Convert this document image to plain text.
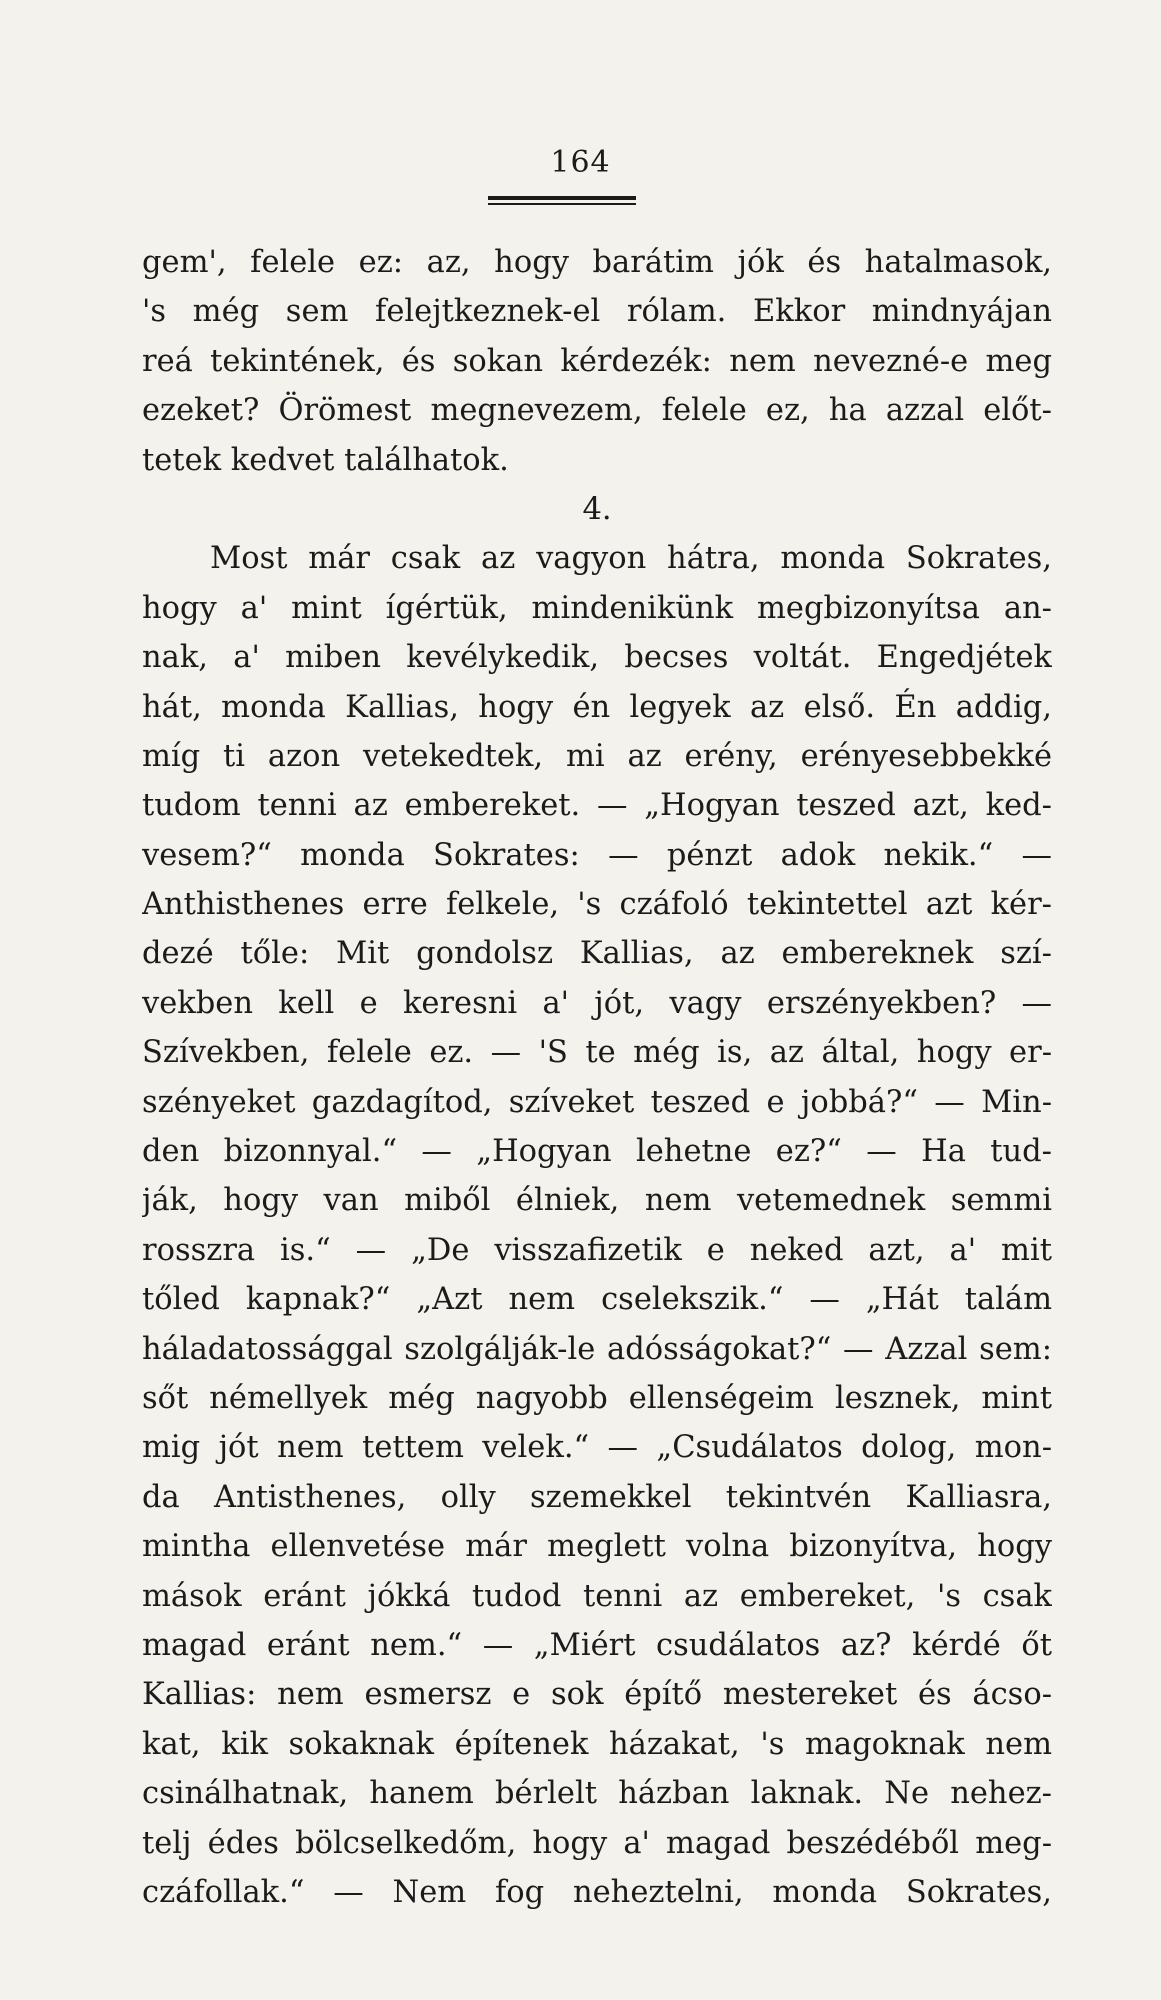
164
gem', felele ez: az, hogy barátim jók és hatalmasok,
's még sem felejtkeznek-el rólam. Ekkor mindnyájan
reá tekintének, és sokan kérdezék: nem nevezné-e meg
ezeket? Örömest megnevezem, felele ez, ha azzal előt-
tetek kedvet találhatok.
4.
Most már csak az vagyon hátra, monda Sokrates,
hogy a' mint ígértük, mindenikünk megbizonyítsa an-
nak, a' miben kevélykedik, becses voltát. Engedjétek
hát, monda Kallias, hogy én legyek az első. Én addig,
míg ti azon vetekedtek, mi az erény, erényesebbekké
tudom tenni az embereket. — „Hogyan teszed azt, ked-
vesem?“ monda Sokrates: — pénzt adok nekik.“ —
Anthisthenes erre felkele, 's czáfoló tekintettel azt kér-
dezé tőle: Mit gondolsz Kallias, az embereknek szí-
vekben kell e keresni a' jót, vagy erszényekben? —
Szívekben, felele ez. — 'S te még is, az által, hogy er-
szényeket gazdagítod, szíveket teszed e jobbá?“ — Min-
den bizonnyal.“ — „Hogyan lehetne ez?“ — Ha tud-
ják, hogy van miből élniek, nem vetemednek semmi
rosszra is.“ — „De visszafizetik e neked azt, a' mit
tőled kapnak?“ „Azt nem cselekszik.“ — „Hát talám
háladatossággal szolgálják-le adósságokat?“ — Azzal sem:
sőt némellyek még nagyobb ellenségeim lesznek, mint
mig jót nem tettem velek.“ — „Csudálatos dolog, mon-
da Antisthenes, olly szemekkel tekintvén Kalliasra,
mintha ellenvetése már meglett volna bizonyítva, hogy
mások eránt jókká tudod tenni az embereket, 's csak
magad eránt nem.“ — „Miért csudálatos az? kérdé őt
Kallias: nem esmersz e sok építő mestereket és ácso-
kat, kik sokaknak építenek házakat, 's magoknak nem
csinálhatnak, hanem bérlelt házban laknak. Ne nehez-
telj édes bölcselkedőm, hogy a' magad beszédéből meg-
czáfollak.“ — Nem fog neheztelni, monda Sokrates,
